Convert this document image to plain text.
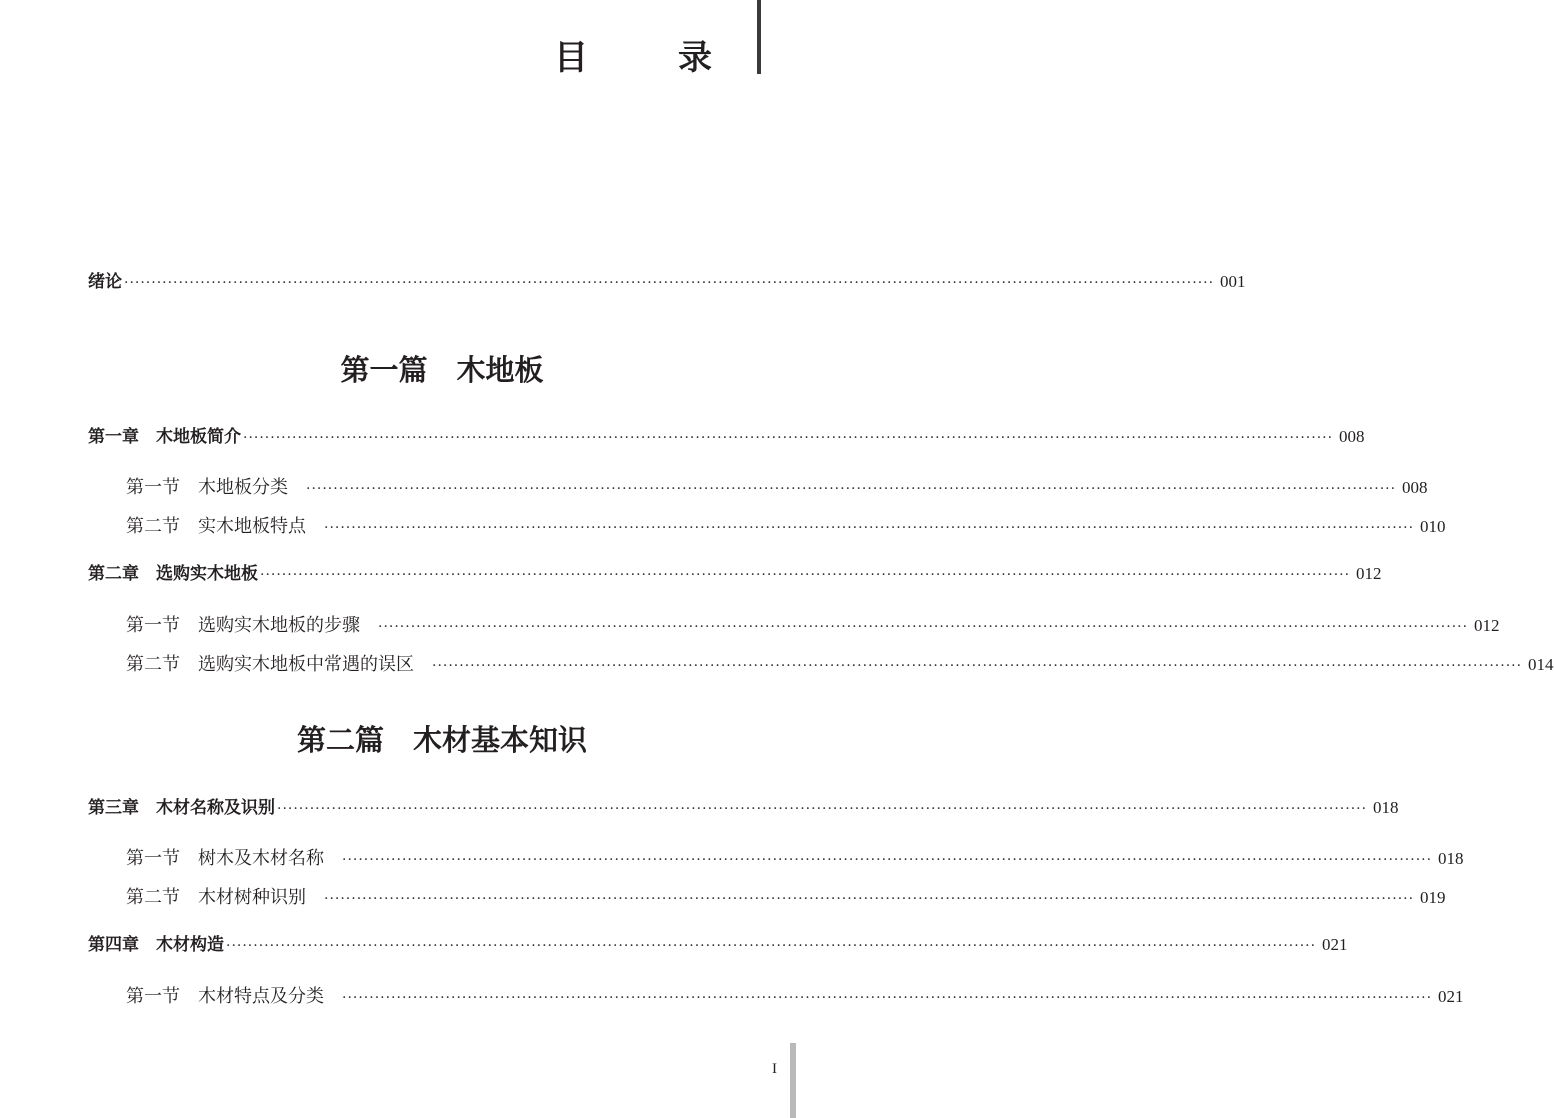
目　录
绪论 ········································································································································································································ 001
第一篇　木地板
第一章　木地板简介 ········································································································································································································ 008
第一节　木地板分类 ········································································································································································································ 008
第二节　实木地板特点 ········································································································································································································ 010
第二章　选购实木地板 ········································································································································································································ 012
第一节　选购实木地板的步骤 ········································································································································································································ 012
第二节　选购实木地板中常遇的误区 ········································································································································································································ 014
第二篇　木材基本知识
第三章　木材名称及识别 ········································································································································································································ 018
第一节　树木及木材名称 ········································································································································································································ 018
第二节　木材树种识别 ········································································································································································································ 019
第四章　木材构造 ········································································································································································································ 021
第一节　木材特点及分类 ········································································································································································································ 021
I
